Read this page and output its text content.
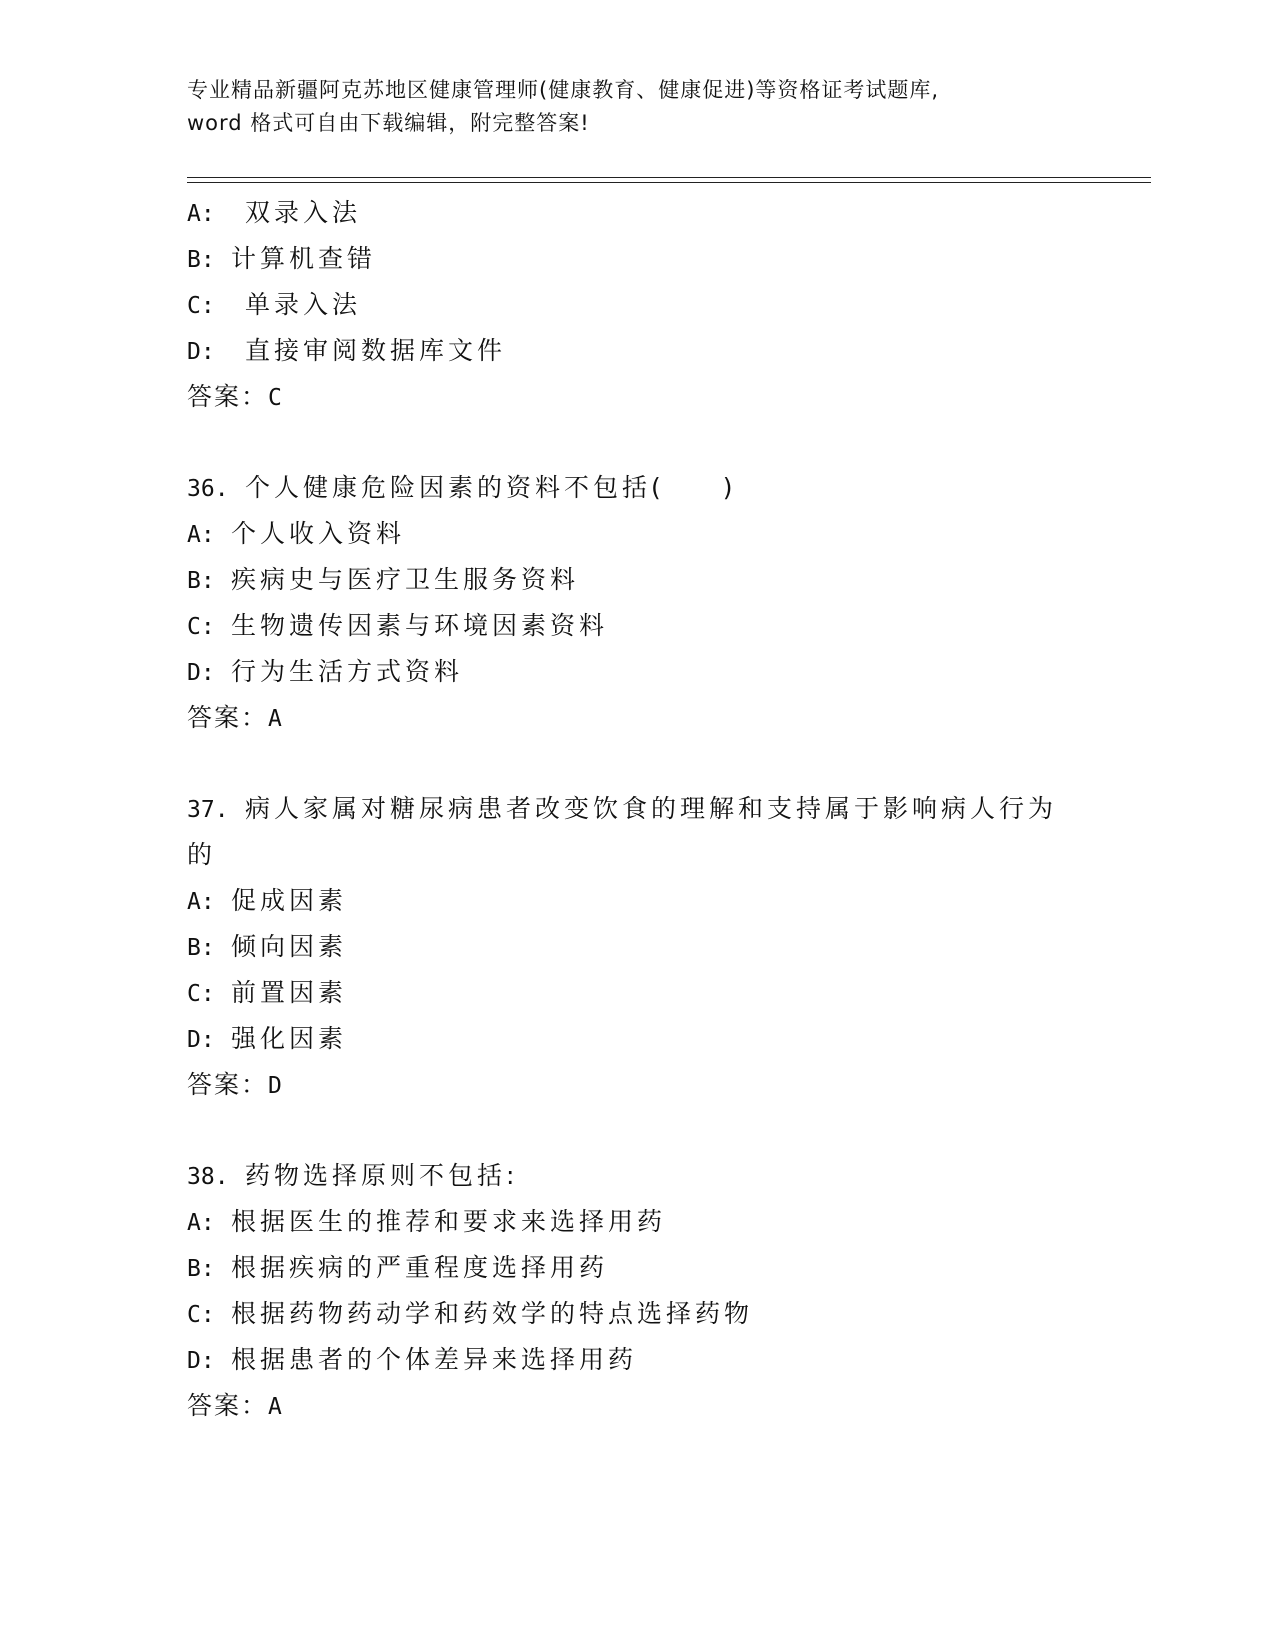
专业精品新疆阿克苏地区健康管理师(健康教育、健康促进)等资格证考试题库,
word 格式可自由下载编辑，附完整答案!
A: 双录入法
B: 计算机查错
C: 单录入法
D: 直接审阅数据库文件
答案：C
36. 个人健康危险因素的资料不包括(　　)
A: 个人收入资料
B: 疾病史与医疗卫生服务资料
C: 生物遗传因素与环境因素资料
D: 行为生活方式资料
答案：A
37. 病人家属对糖尿病患者改变饮食的理解和支持属于影响病人行为
的
A: 促成因素
B: 倾向因素
C: 前置因素
D: 强化因素
答案：D
38. 药物选择原则不包括:
A: 根据医生的推荐和要求来选择用药
B: 根据疾病的严重程度选择用药
C: 根据药物药动学和药效学的特点选择药物
D: 根据患者的个体差异来选择用药
答案：A
